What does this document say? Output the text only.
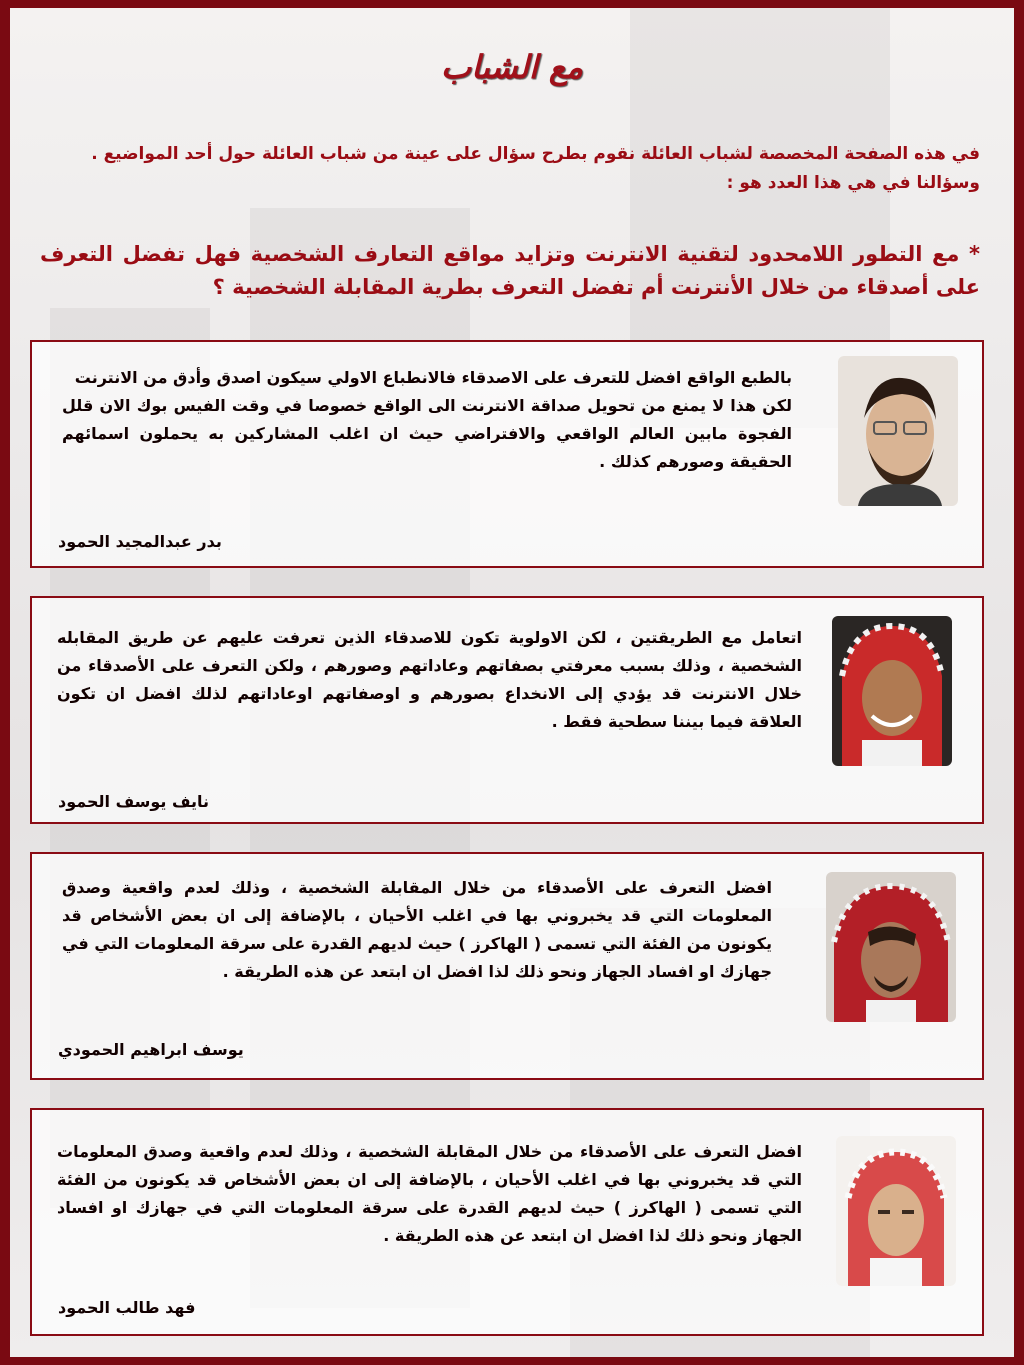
مع الشباب
في هذه الصفحة المخصصة لشباب العائلة نقوم بطرح سؤال على عينة من شباب العائلة حول أحد المواضيع .
وسؤالنا في هي هذا العدد هو :
* مع التطور اللامحدود لتقنية الانترنت وتزايد مواقع التعارف الشخصية فهل تفضل التعرف على أصدقاء من خلال الأنترنت أم تفضل التعرف بطرية المقابلة الشخصية ؟
بالطبع الواقع افضل للتعرف على الاصدقاء فالانطباع الاولي سيكون اصدق وأدق من الانترنت
لكن هذا لا يمنع من تحويل صداقة الانترنت الى الواقع خصوصا في وقت الفيس بوك الان قلل الفجوة مابين العالم الواقعي والافتراضي حيث ان اغلب المشاركين به يحملون اسمائهم الحقيقة وصورهم كذلك .
بدر عبدالمجيد الحمود
اتعامل مع الطريقتين ، لكن الاولوية تكون للاصدقاء الذين تعرفت عليهم عن طريق المقابله الشخصية ، وذلك بسبب معرفتي بصفاتهم وعاداتهم وصورهم ، ولكن التعرف على الأصدقاء من خلال الانترنت قد يؤدي إلى الانخداع بصورهم و اوصفاتهم اوعاداتهم لذلك افضل ان تكون العلاقة فيما بيننا سطحية فقط .
نايف يوسف الحمود
افضل التعرف على الأصدقاء من خلال المقابلة الشخصية ، وذلك لعدم واقعية وصدق المعلومات التي قد يخبروني بها في اغلب الأحيان ، بالإضافة إلى ان بعض الأشخاص قد يكونون من الفئة التي تسمى ( الهاكرز ) حيث لديهم القدرة على سرقة المعلومات التي في جهازك او افساد الجهاز ونحو ذلك لذا افضل ان ابتعد عن هذه الطريقة .
يوسف ابراهيم الحمودي
افضل التعرف على الأصدقاء من خلال المقابلة الشخصية ، وذلك لعدم واقعية وصدق المعلومات التي قد يخبروني بها في اغلب الأحيان ، بالإضافة إلى ان بعض الأشخاص قد يكونون من الفئة التي تسمى ( الهاكرز ) حيث لديهم القدرة على سرقة المعلومات التي في جهازك او افساد الجهاز ونحو ذلك لذا افضل ان ابتعد عن هذه الطريقة .
فهد طالب الحمود
